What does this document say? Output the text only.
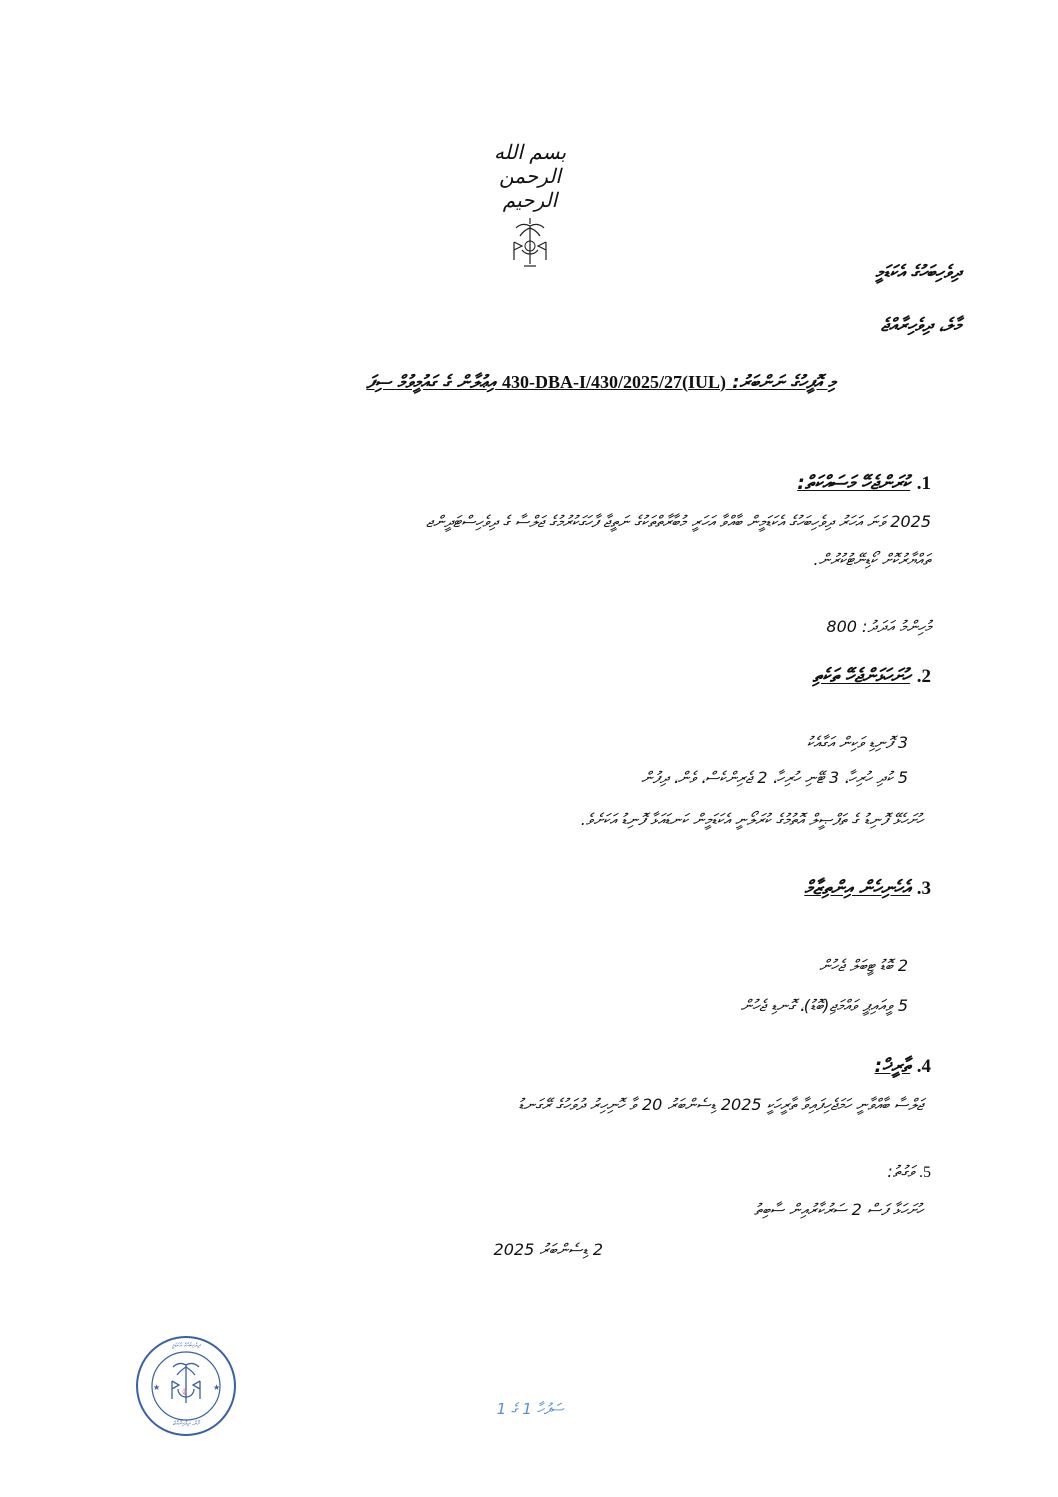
بسم الله الرحمن الرحيم
ދިވެހިބަހުގެ އެކަޑަމީ
މާލެ، ދިވެހިރާއްޖެ
މި އޮފީހުގެ ނަންބަރު: (IUL)430-DBA-I/430/2025/27 އިޢުލާން ގެ ގައުމީވުމް ސިފަ
1. ކުރަންޖެހޭ މަސައްކަތް:
2025 ވަނަ އަހަރު ދިވެހިބަހުގެ އެކަޑަމީން ބާއްވާ އަހަރީ މުބާރާތްތަކުގެ ނަތީޖާ ފާހަގަކުރުމުގެ ޖަލްސާ ގެ ދިވެހިސްޓަދީންޖ
ތައްޔާރުކޮށް ކޯޑިނޭޓުކުރުން.
މުހިންމު އަދަދު: 800
2. ހުށަހަޅަންޖެހޭ ތަކެތި
3 ފޮނިޑި ވަކިން އަގާއެކު
5 ކުދި ހުރިހާ، 3 ޓޭނި ހުރިހާ، 2 ޖެރިންކެސް، ވެން، ދިފުން
ހުށަހެޅޭ ފޮނިޑު ގެ ތަފްޞީލް އޮތުމުގެ ކުރަލޯނީ އެކަޑަމީން ކަނޑައަޅާ ފޮނިޑު އަކަށެވެ.
3. އެހެނިހެން އިންތިޒާމް
2 ބޮޑު ޓީބަލް ޖެހުން
5 ވީއައިޕީ ވައްމަޖި(ބޮޑު)، ގޮނޑި ޖެހުން
4. ތާރީޚް:
ޖަލްސާ ބާއްވާނީ ހަމަޖެހިފައިވާ ތާރީހަކީ 2025 ޑިސެންބަރު 20 ވާ ހޮނިހިރު ދުވަހުގެ ރޭގަނޑު
5. ވަގުތު:
ހުށަހަޅާ ފަސް 2 ސަރުކާރުއިން ސާބިތު
2 ޑިސެންބަރު 2025
☾
★	★
ދިވެހިބަހުގެ އެކަޑަމީ
މާލެ، ދިވެހިރާއްޖެ
ސަފުހާ 1 ގެ 1
